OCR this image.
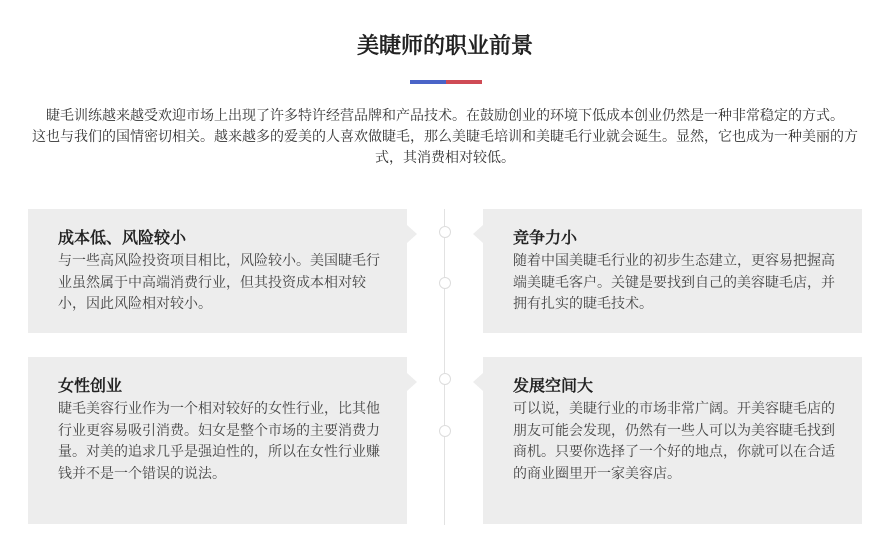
美睫师的职业前景

睫毛训练越来越受欢迎市场上出现了许多特许经营品牌和产品技术。在鼓励创业的环境下低成本创业仍然是一种非常稳定的方式。

这也与我们的国情密切相关。越来越多的爱美的人喜欢做睫毛，那么美睫毛培训和美睫毛行业就会诞生。显然，它也成为一种美丽的方式，其消费相对较低。

成本低、风险较小

与一些高风险投资项目相比，风险较小。美国睫毛行业虽然属于中高端消费行业，但其投资成本相对较小，因此风险相对较小。

竞争力小

随着中国美睫毛行业的初步生态建立，更容易把握高端美睫毛客户。关键是要找到自己的美容睫毛店，并拥有扎实的睫毛技术。

女性创业

睫毛美容行业作为一个相对较好的女性行业，比其他行业更容易吸引消费。妇女是整个市场的主要消费力量。对美的追求几乎是强迫性的，所以在女性行业赚钱并不是一个错误的说法。

发展空间大

可以说，美睫行业的市场非常广阔。开美容睫毛店的朋友可能会发现，仍然有一些人可以为美容睫毛找到商机。只要你选择了一个好的地点，你就可以在合适的商业圈里开一家美容店。
